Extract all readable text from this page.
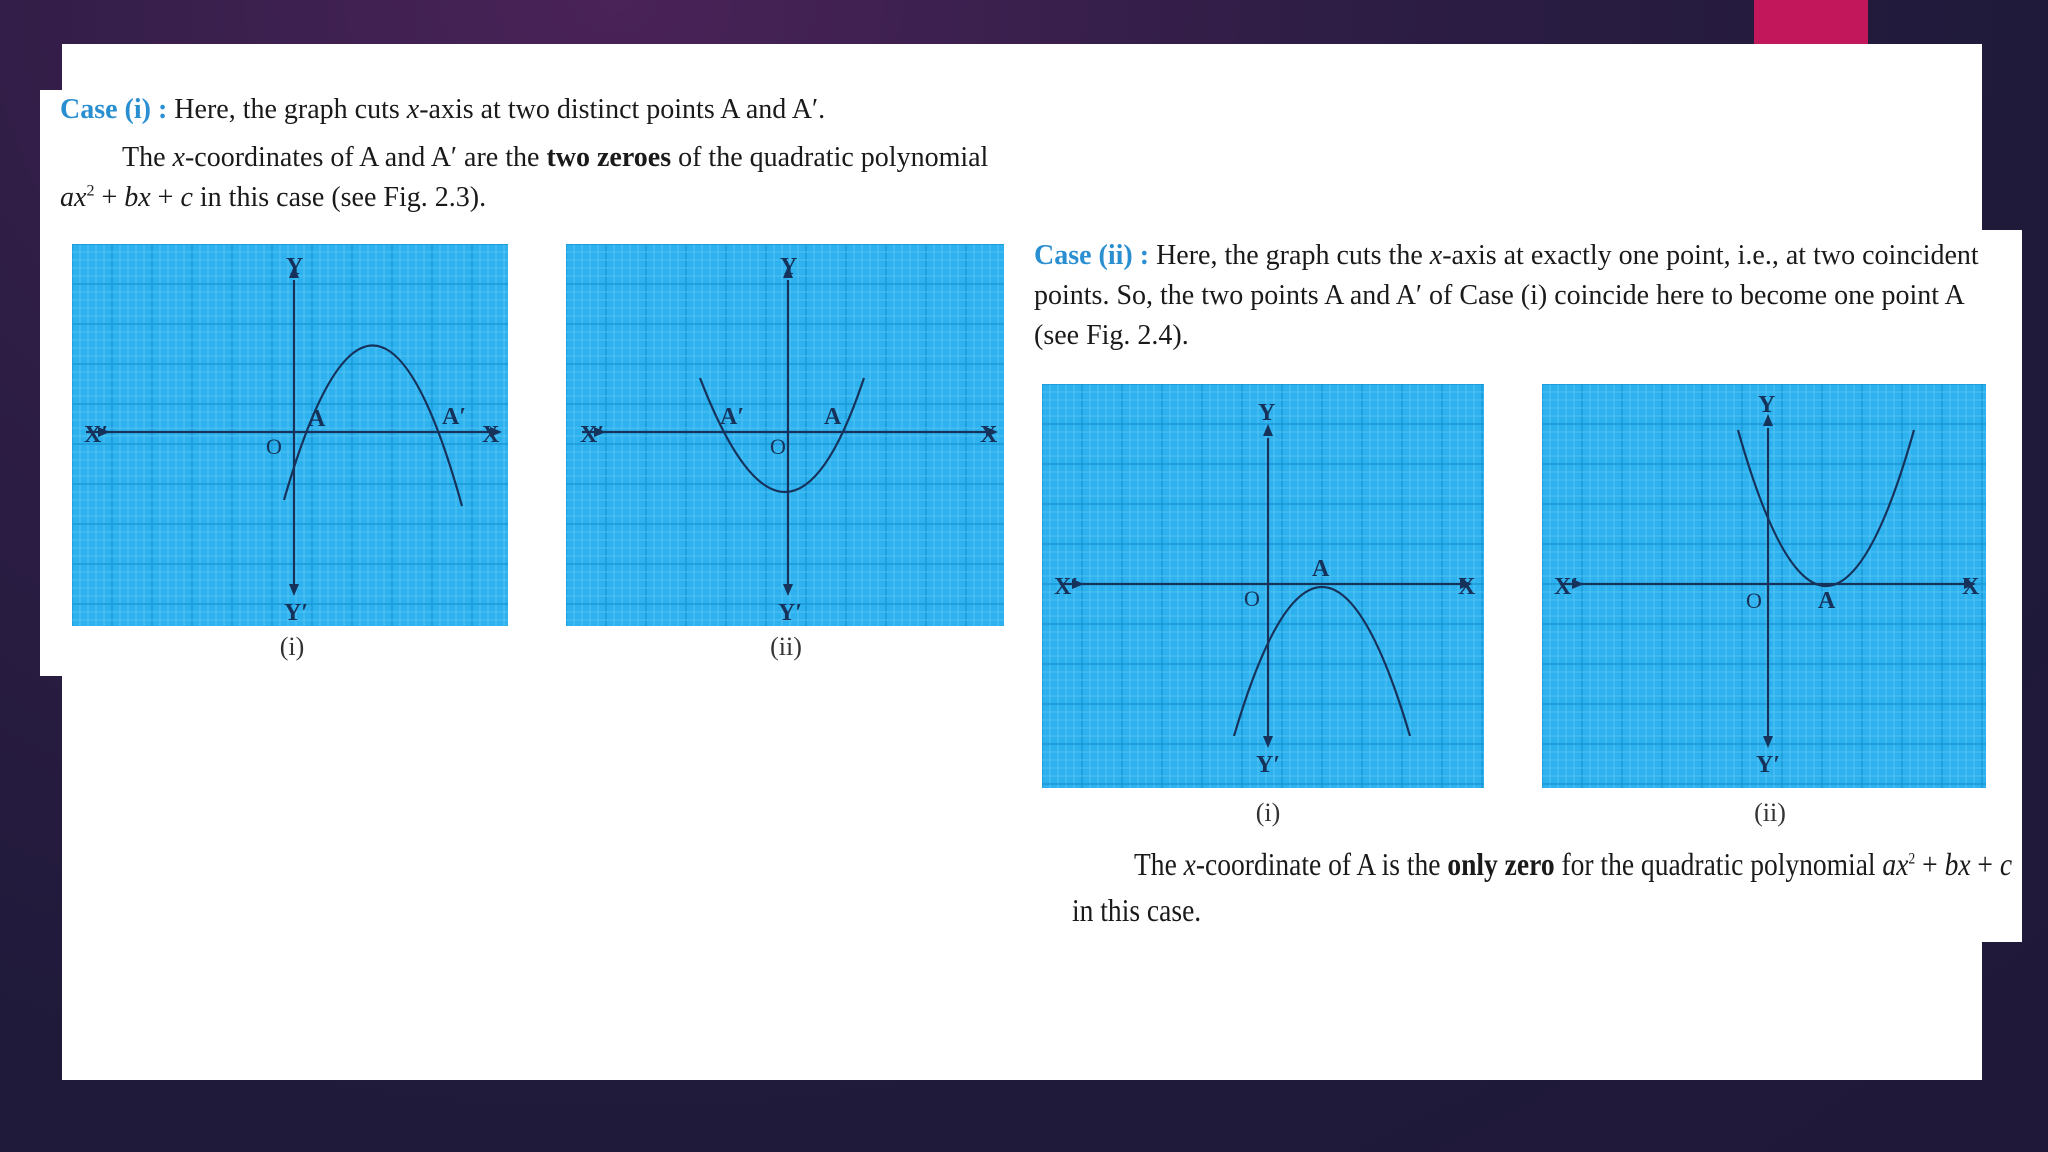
Case (i) : Here, the graph cuts x-axis at two distinct points A and A′.
The x-coordinates of A and A′ are the two zeroes of the quadratic polynomial
$ax^2$ + bx + c in this case (see Fig. 2.3).
X′	X
Y
Y′
A	A′
O
(i)
X′	X
Y
Y′
A′	A
O
(ii)
Case (ii) : Here, the graph cuts the x-axis at exactly one point, i.e., at two coincident
points. So, the two points A and A′ of Case (i) coincide here to become one point A
(see Fig. 2.4).
X′	X
Y
Y′
A
O
(i)
X′	X
Y
Y′
A
O
(ii)
The x-coordinate of A is the only zero for the quadratic polynomial $ax^2$ + bx + c
in this case.
